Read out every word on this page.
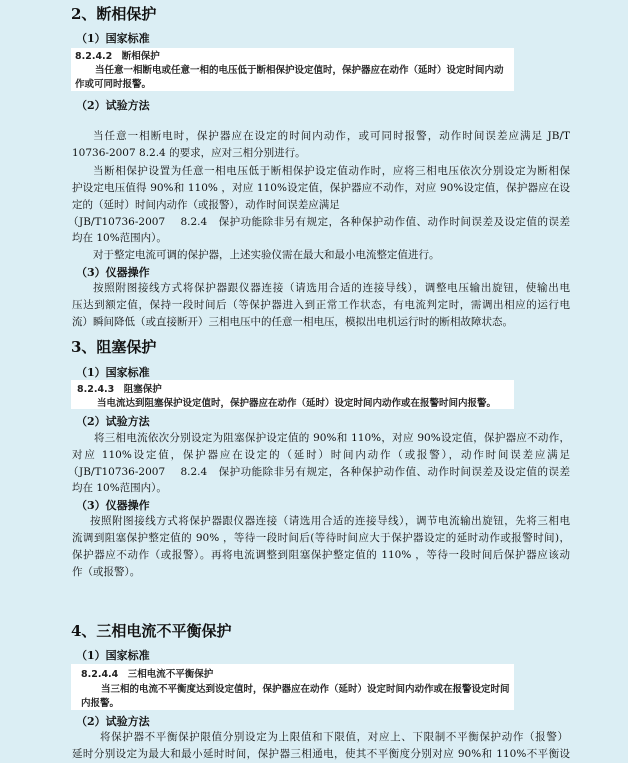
2、断相保护
（1）国家标准
8.2.4.2　断相保护
当任意一相断电或任意一相的电压低于断相保护设定值时，保护器应在动作（延时）设定时间内动
作或可同时报警。
（2）试验方法
当任意一相断电时，保护器应在设定的时间内动作，或可同时报警，动作时间误差应满足 JB/T
10736-2007 8.2.4 的要求，应对三相分别进行。
当断相保护设置为任意一相电压低于断相保护设定值动作时，应将三相电压依次分别设定为断相保
护设定电压值得 90%和 110% ，对应 110%设定值，保护器应不动作，对应 90%设定值，保护器应在设
定的（延时）时间内动作（或报警），动作时间误差应满足
（JB/T10736-2007　 8.2.4　保护功能除非另有规定，各种保护动作值、动作时间误差及设定值的误差
均在 10%范围内）。
对于整定电流可调的保护器，上述实验仪需在最大和最小电流整定值进行。
（3）仪器操作
按照附图接线方式将保护器跟仪器连接（请选用合适的连接导线），调整电压输出旋钮，使输出电
压达到额定值，保持一段时间后（等保护器进入到正常工作状态，有电流判定时，需调出相应的运行电
流）瞬间降低（或直接断开）三相电压中的任意一相电压，模拟出电机运行时的断相故障状态。
3、阻塞保护
（1）国家标准
8.2.4.3　阻塞保护
当电流达到阻塞保护设定值时，保护器应在动作（延时）设定时间内动作或在报警时间内报警。
（2）试验方法
将三相电流依次分别设定为阻塞保护设定值的 90%和 110%，对应 90%设定值，保护器应不动作，
对应 110%设定值，保护器应在设定的（延时）时间内动作（或报警），动作时间误差应满足
（JB/T10736-2007　 8.2.4　保护功能除非另有规定，各种保护动作值、动作时间误差及设定值的误差
均在 10%范围内）。
（3）仪器操作
按照附图接线方式将保护器跟仪器连接（请选用合适的连接导线），调节电流输出旋钮，先将三相电
流调到阻塞保护整定值的 90% ，等待一段时间后(等待时间应大于保护器设定的延时动作或报警时间)，
保护器应不动作（或报警）。再将电流调整到阻塞保护整定值的 110% ，等待一段时间后保护器应该动
作（或报警）。
4、三相电流不平衡保护
（1）国家标准
8.2.4.4　三相电流不平衡保护
当三相的电流不平衡度达到设定值时，保护器应在动作（延时）设定时间内动作或在报警设定时间
内报警。
（2）试验方法
将保护器不平衡保护限值分别设定为上限值和下限值，对应上、下限制不平衡保护动作（报警）
延时分别设定为最大和最小延时时间，保护器三相通电，使其不平衡度分别对应 90%和 110%不平衡设
